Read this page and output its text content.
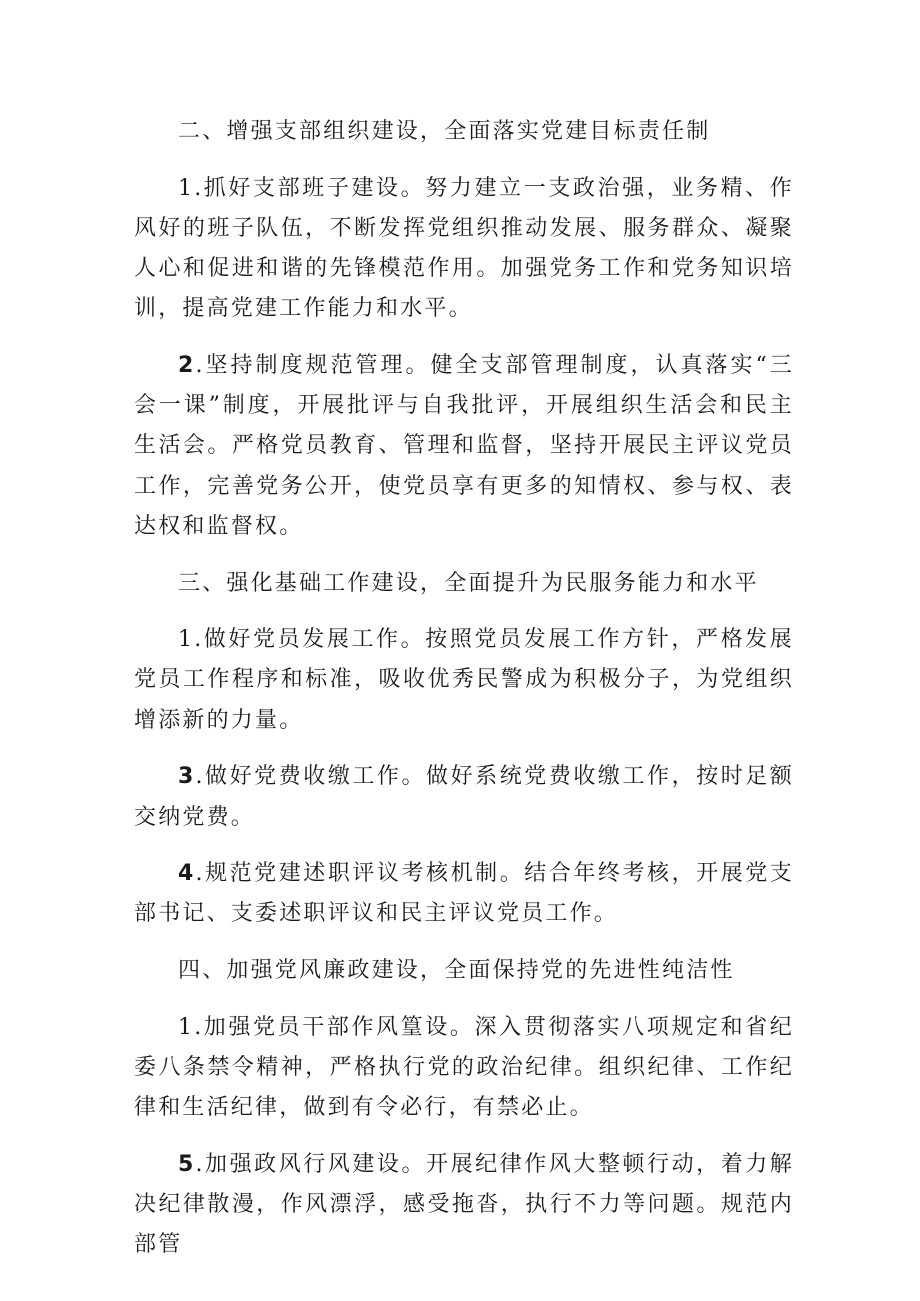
二、增强支部组织建设，全面落实党建目标责任制

1.抓好支部班子建设。努力建立一支政治强，业务精、作风好的班子队伍，不断发挥党组织推动发展、服务群众、凝聚人心和促进和谐的先锋模范作用。加强党务工作和党务知识培训，提高党建工作能力和水平。

2.坚持制度规范管理。健全支部管理制度，认真落实“三会一课”制度，开展批评与自我批评，开展组织生活会和民主生活会。严格党员教育、管理和监督，坚持开展民主评议党员工作，完善党务公开，使党员享有更多的知情权、参与权、表达权和监督权。

三、强化基础工作建设，全面提升为民服务能力和水平

1.做好党员发展工作。按照党员发展工作方针，严格发展党员工作程序和标准，吸收优秀民警成为积极分子，为党组织增添新的力量。

3.做好党费收缴工作。做好系统党费收缴工作，按时足额交纳党费。

4.规范党建述职评议考核机制。结合年终考核，开展党支部书记、支委述职评议和民主评议党员工作。

四、加强党风廉政建设，全面保持党的先进性纯洁性

1.加强党员干部作风篁设。深入贯彻落实八项规定和省纪委八条禁令精神，严格执行党的政治纪律。组织纪律、工作纪律和生活纪律，做到有令必行，有禁必止。

5.加强政风行风建设。开展纪律作风大整顿行动，着力解决纪律散漫，作风漂浮，感受拖沓，执行不力等问题。规范内部管
